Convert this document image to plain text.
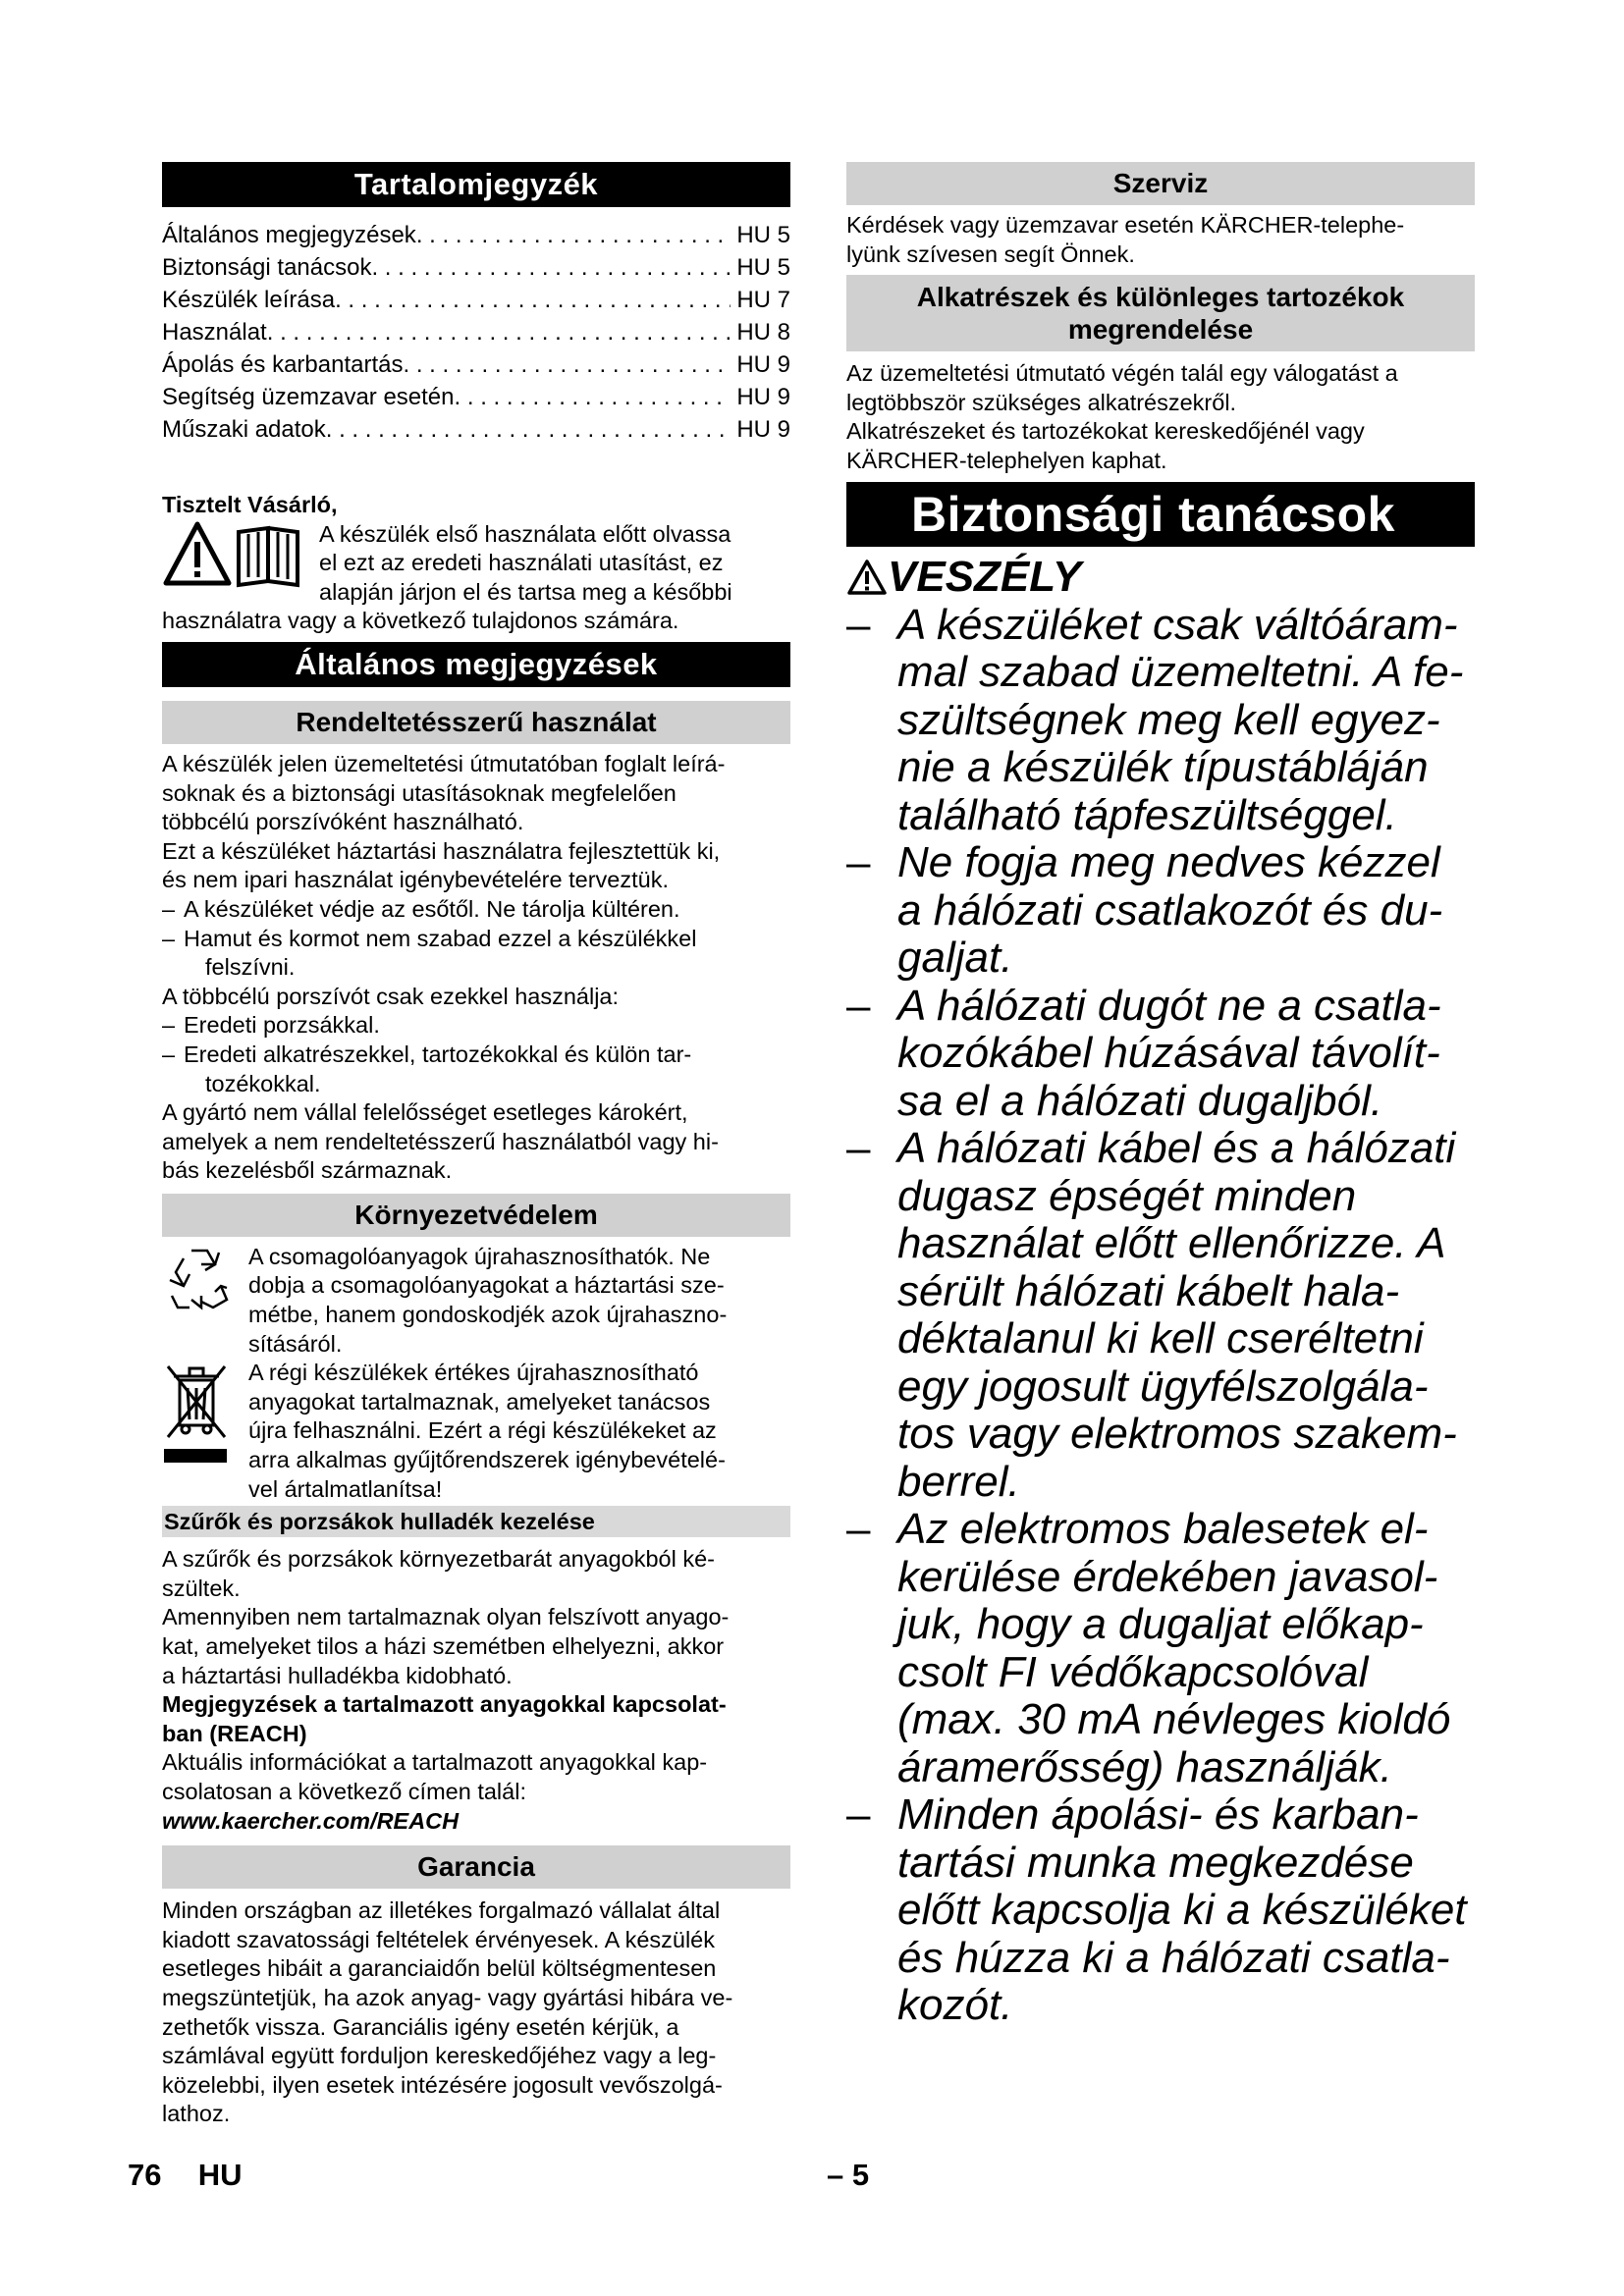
Tartalomjegyzék
Általános megjegyzések . . .	HU 5
Biztonsági tanácsok . . .	HU 5
Készülék leírása . . .	HU 7
Használat . . .	HU 8
Ápolás és karbantartás . . .	HU 9
Segítség üzemzavar esetén . . .	HU 9
Műszaki adatok . . .	HU 9
Tisztelt Vásárló,
A készülék első használata előtt olvassa
el ezt az eredeti használati utasítást, ez
alapján járjon el és tartsa meg a későbbi
használatra vagy a következő tulajdonos számára.
Általános megjegyzések
Rendeltetésszerű használat
A készülék jelen üzemeltetési útmutatóban foglalt leírá-
soknak és a biztonsági utasításoknak megfelelően
többcélú porszívóként használható.
Ezt a készüléket háztartási használatra fejlesztettük ki,
és nem ipari használat igénybevételére terveztük.
– A készüléket védje az esőtől. Ne tárolja kültéren.
– Hamut és kormot nem szabad ezzel a készülékkel
felszívni.
A többcélú porszívót csak ezekkel használja:
– Eredeti porzsákkal.
– Eredeti alkatrészekkel, tartozékokkal és külön tar-
tozékokkal.
A gyártó nem vállal felelősséget esetleges károkért,
amelyek a nem rendeltetésszerű használatból vagy hi-
bás kezelésből származnak.
Környezetvédelem
A csomagolóanyagok újrahasznosíthatók. Ne
dobja a csomagolóanyagokat a háztartási sze-
métbe, hanem gondoskodjék azok újrahaszno-
sításáról.
A régi készülékek értékes újrahasznosítható
anyagokat tartalmaznak, amelyeket tanácsos
újra felhasználni. Ezért a régi készülékeket az
arra alkalmas gyűjtőrendszerek igénybevételé-
vel ártalmatlanítsa!
Szűrők és porzsákok hulladék kezelése
A szűrők és porzsákok környezetbarát anyagokból ké-
szültek.
Amennyiben nem tartalmaznak olyan felszívott anyago-
kat, amelyeket tilos a házi szemétben elhelyezni, akkor
a háztartási hulladékba kidobható.
Megjegyzések a tartalmazott anyagokkal kapcsolat-
ban (REACH)
Aktuális információkat a tartalmazott anyagokkal kap-
csolatosan a következő címen talál:
www.kaercher.com/REACH
Garancia
Minden országban az illetékes forgalmazó vállalat által
kiadott szavatossági feltételek érvényesek. A készülék
esetleges hibáit a garanciaidőn belül költségmentesen
megszüntetjük, ha azok anyag- vagy gyártási hibára ve-
zethetők vissza. Garanciális igény esetén kérjük, a
számlával együtt forduljon kereskedőjéhez vagy a leg-
közelebbi, ilyen esetek intézésére jogosult vevőszolgá-
lathoz.
Szerviz
Kérdések vagy üzemzavar esetén KÄRCHER-telephe-
lyünk szívesen segít Önnek.
Alkatrészek és különleges tartozékok
megrendelése
Az üzemeltetési útmutató végén talál egy válogatást a
legtöbbször szükséges alkatrészekről.
Alkatrészeket és tartozékokat kereskedőjénél vagy
KÄRCHER-telephelyen kaphat.
Biztonsági tanácsok
VESZÉLY
– A készüléket csak váltóáram-
mal szabad üzemeltetni. A fe-
szültségnek meg kell egyez-
nie a készülék típustábláján
található tápfeszültséggel.
– Ne fogja meg nedves kézzel
a hálózati csatlakozót és du-
galjat.
– A hálózati dugót ne a csatla-
kozókábel húzásával távolít-
sa el a hálózati dugaljból.
– A hálózati kábel és a hálózati
dugasz épségét minden
használat előtt ellenőrizze. A
sérült hálózati kábelt hala-
déktalanul ki kell cseréltetni
egy jogosult ügyfélszolgála-
tos vagy elektromos szakem-
berrel.
– Az elektromos balesetek el-
kerülése érdekében javasol-
juk, hogy a dugaljat előkap-
csolt FI védőkapcsolóval
(max. 30 mA névleges kioldó
áramerősség) használják.
– Minden ápolási- és karban-
tartási munka megkezdése
előtt kapcsolja ki a készüléket
és húzza ki a hálózati csatla-
kozót.
76 HU	– 5
